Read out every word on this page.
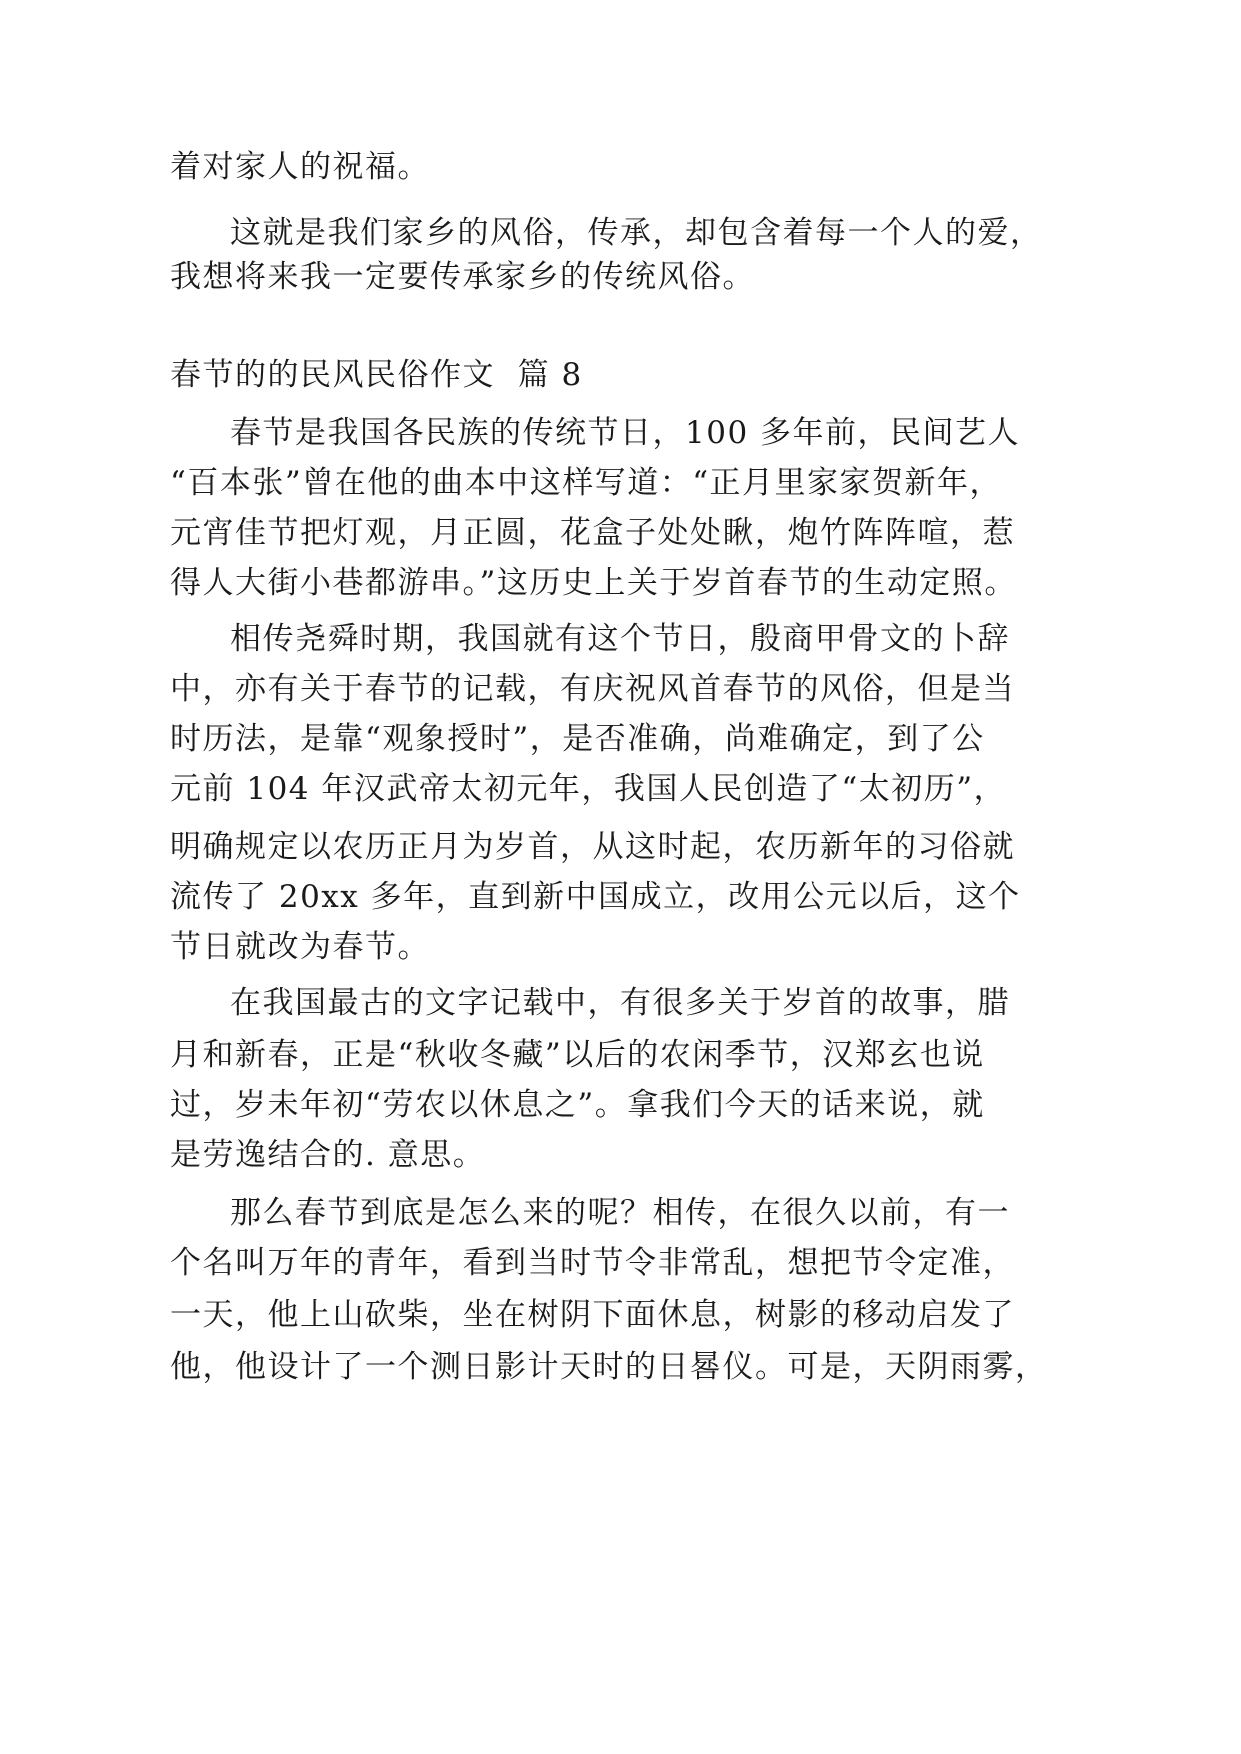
着对家人的祝福。

这就是我们家乡的风俗，传承，却包含着每一个人的爱，

我想将来我一定要传承家乡的传统风俗。

春节的的民风民俗作文  篇 8

春节是我国各民族的传统节日，100 多年前，民间艺人

“百本张”曾在他的曲本中这样写道：“正月里家家贺新年，

元宵佳节把灯观，月正圆，花盒子处处瞅，炮竹阵阵喧，惹

得人大街小巷都游串。”这历史上关于岁首春节的生动定照。

相传尧舜时期，我国就有这个节日，殷商甲骨文的卜辞

中，亦有关于春节的记载，有庆祝风首春节的风俗，但是当

时历法，是靠“观象授时”，是否准确，尚难确定，到了公

元前 104 年汉武帝太初元年，我国人民创造了“太初历”，

明确规定以农历正月为岁首，从这时起，农历新年的习俗就

流传了 20xx 多年，直到新中国成立，改用公元以后，这个

节日就改为春节。

在我国最古的文字记载中，有很多关于岁首的故事，腊

月和新春，正是“秋收冬藏”以后的农闲季节，汉郑玄也说

过，岁未年初“劳农以休息之”。拿我们今天的话来说，就

是劳逸结合的. 意思。

那么春节到底是怎么来的呢？相传，在很久以前，有一

个名叫万年的青年，看到当时节令非常乱，想把节令定准，

一天，他上山砍柴，坐在树阴下面休息，树影的移动启发了

他，他设计了一个测日影计天时的日晷仪。可是，天阴雨雾，
